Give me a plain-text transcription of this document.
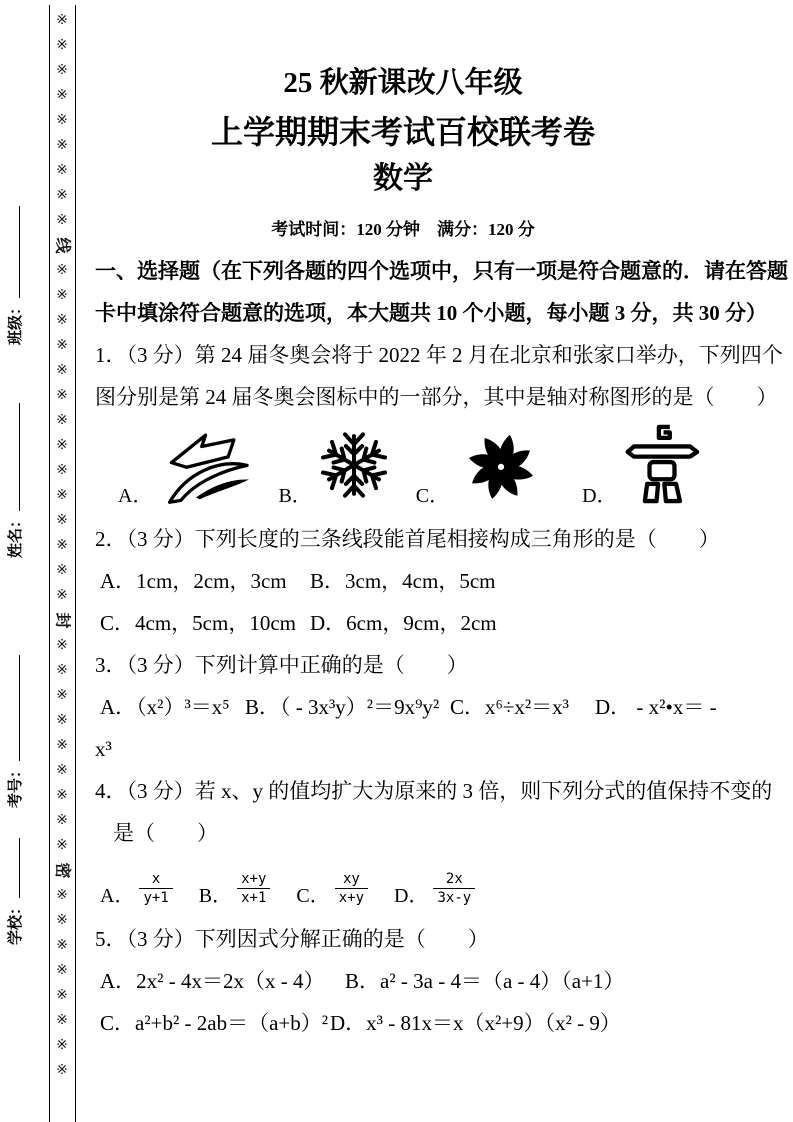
※
※
※
※
※
※
※
※
※
线
※
※
※
※
※
※
※
※
※
※
※
※
※
※
封
※
※
※
※
※
※
※
※
※
密
※
※
※
※
※
※
※
※
班级：
姓名：
考号：
学校：
25 秋新课改八年级
上学期期末考试百校联考卷
数学
考试时间：120 分钟　满分：120 分
一、选择题（在下列各题的四个选项中，只有一项是符合题意的．请在答题
卡中填涂符合题意的选项，本大题共 10 个小题，每小题 3 分，共 30 分）
1．（3 分）第 24 届冬奥会将于 2022 年 2 月在北京和张家口举办，下列四个
图分别是第 24 届冬奥会图标中的一部分，其中是轴对称图形的是（　　）
A．	B．	C．	D．
2．（3 分）下列长度的三条线段能首尾相接构成三角形的是（　　）
A．1cm，2cm，3cm B．3cm，4cm，5cm
C．4cm，5cm，10cm D．6cm，9cm，2cm
3．（3 分）下列计算中正确的是（　　）
A．（x²）³＝x⁵ B．（ - 3x³y）²＝9x⁹y² C．x⁶÷x²＝x³ D． - x²•x＝ -
x³
4．（3 分）若 x、y 的值均扩大为原来的 3 倍，则下列分式的值保持不变的
是（　　）
A． $\frac{x}{y+1}$ B． $\frac{x+y}{x+1}$ C． $\frac{xy}{x+y}$ D． $\frac{2x}{3x-y}$
5．（3 分）下列因式分解正确的是（　　）
A．2x² - 4x＝2x（x - 4） B．a² - 3a - 4＝（a - 4）（a+1）
C．a²+b² - 2ab＝（a+b）²D．x³ - 81x＝x（x²+9）（x² - 9）
